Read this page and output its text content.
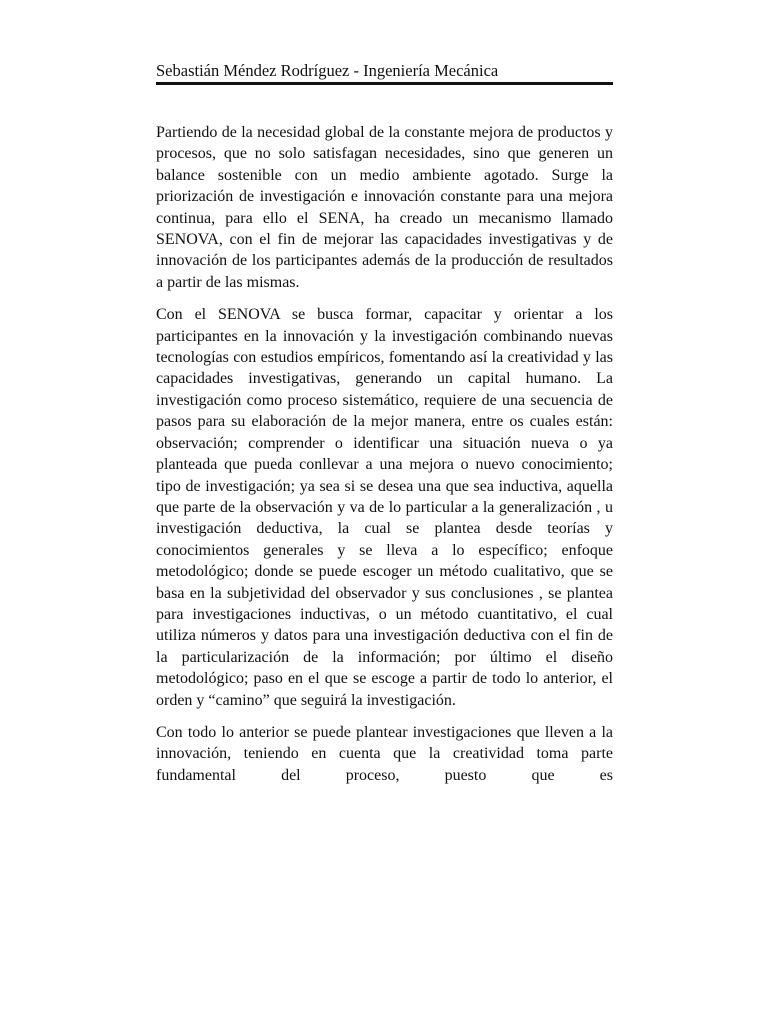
Sebastián Méndez Rodríguez - Ingeniería Mecánica

Partiendo de la necesidad global de la constante mejora de productos y procesos, que no solo satisfagan necesidades, sino que generen un balance sostenible con un medio ambiente agotado. Surge la priorización de investigación e innovación constante para una mejora continua, para ello el SENA, ha creado un mecanismo llamado SENOVA, con el fin de mejorar las capacidades investigativas y de innovación de los participantes además de la producción de resultados a partir de las mismas.

Con el SENOVA se busca formar, capacitar y orientar a los participantes en la innovación y la investigación combinando nuevas tecnologías con estudios empíricos, fomentando así la creatividad y las capacidades investigativas, generando un capital humano. La investigación como proceso sistemático, requiere de una secuencia de pasos para su elaboración de la mejor manera, entre os cuales están: observación; comprender o identificar una situación nueva o ya planteada que pueda conllevar a una mejora o nuevo conocimiento; tipo de investigación; ya sea si se desea una que sea inductiva, aquella que parte de la observación y va de lo particular a la generalización , u investigación deductiva, la cual se plantea desde teorías y conocimientos generales y se lleva a lo específico; enfoque metodológico; donde se puede escoger un método cualitativo, que se basa en la subjetividad del observador y sus conclusiones , se plantea para investigaciones inductivas, o un método cuantitativo, el cual utiliza números y datos para una investigación deductiva con el fin de la particularización de la información; por último el diseño metodológico; paso en el que se escoge a partir de todo lo anterior, el orden y “camino” que seguirá la investigación.

Con todo lo anterior se puede plantear investigaciones que lleven a la innovación, teniendo en cuenta que la creatividad toma parte fundamental del proceso, puesto que es
